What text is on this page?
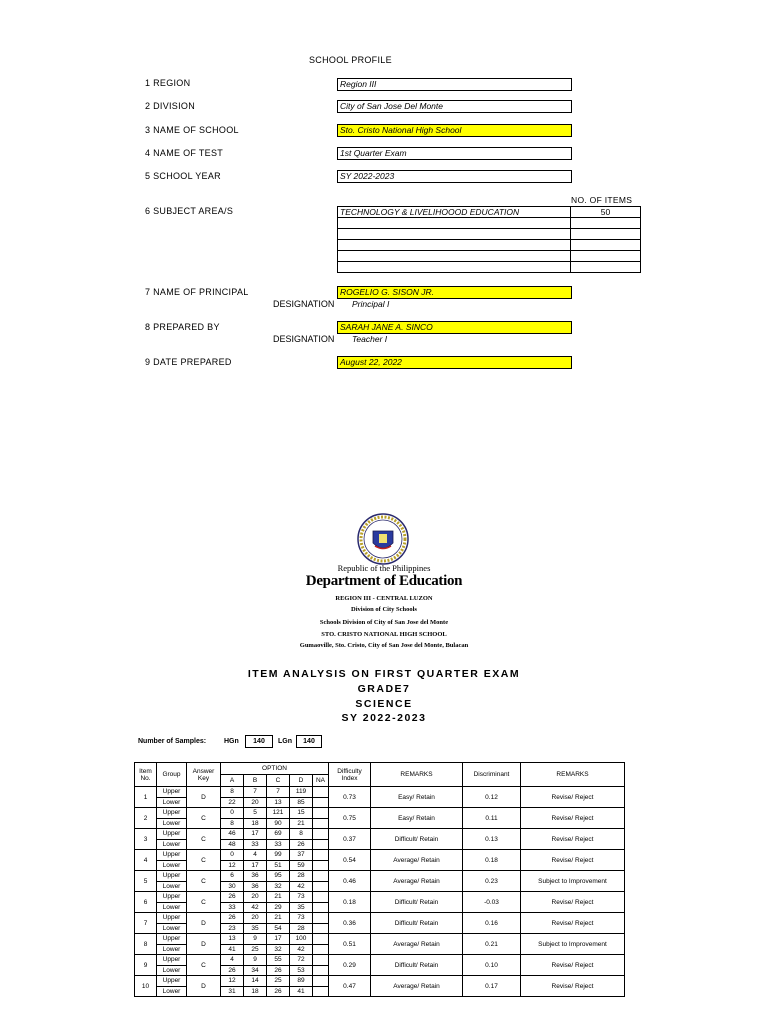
SCHOOL PROFILE
1 REGION	Region III
2 DIVISION	City of San Jose Del Monte
3 NAME OF SCHOOL	Sto. Cristo National High School
4 NAME OF TEST	1st Quarter Exam
5 SCHOOL YEAR	SY 2022-2023
NO. OF ITEMS
6 SUBJECT AREA/S	TECHNOLOGY & LIVELIHOOOD EDUCATION	50

7 NAME OF PRINCIPAL	ROGELIO G. SISON JR.
DESIGNATION Principal I
8 PREPARED BY	SARAH JANE A. SINCO
DESIGNATION Teacher I
9 DATE PREPARED	August 22, 2022
Republic of the Philippines
Department of Education
REGION III - CENTRAL LUZON
Division of City Schools
Schools Division of City of San Jose del Monte
STO. CRISTO NATIONAL HIGH SCHOOL
Gumaoville, Sto. Cristo, City of San Jose del Monte, Bulacan
ITEM ANALYSIS ON FIRST QUARTER EXAM
GRADE7
SCIENCE
SY 2022-2023
Number of Samples:	HGn	140	LGn	140
Item No.	Group	Answer Key	OPTION					Difficulty Index	REMARKS	Discriminant	REMARKS
			A	B	C	D	NA				
1	Upper	D	8	7	7	119		0.73	Easy/ Retain	0.12	Revise/ Reject
	Lower		22	20	13	85					
2	Upper	C	0	5	121	15		0.75	Easy/ Retain	0.11	Revise/ Reject
	Lower		8	18	90	21					
3	Upper	C	46	17	69	8		0.37	Difficult/ Retain	0.13	Revise/ Reject
	Lower		48	33	33	26					
4	Upper	C	0	4	99	37		0.54	Average/ Retain	0.18	Revise/ Reject
	Lower		12	17	51	59					
5	Upper	C	6	36	95	28		0.46	Average/ Retain	0.23	Subject to Improvement
	Lower		30	36	32	42					
6	Upper	C	26	20	21	73		0.18	Difficult/ Retain	-0.03	Revise/ Reject
	Lower		33	42	29	35					
7	Upper	D	26	20	21	73		0.36	Difficult/ Retain	0.16	Revise/ Reject
	Lower		23	35	54	28					
8	Upper	D	13	9	17	100		0.51	Average/ Retain	0.21	Subject to Improvement
	Lower		41	25	32	42					
9	Upper	C	4	9	55	72		0.29	Difficult/ Retain	0.10	Revise/ Reject
	Lower		26	34	26	53					
10	Upper	D	12	14	25	89		0.47	Average/ Retain	0.17	Revise/ Reject
	Lower		31	18	26	41					
